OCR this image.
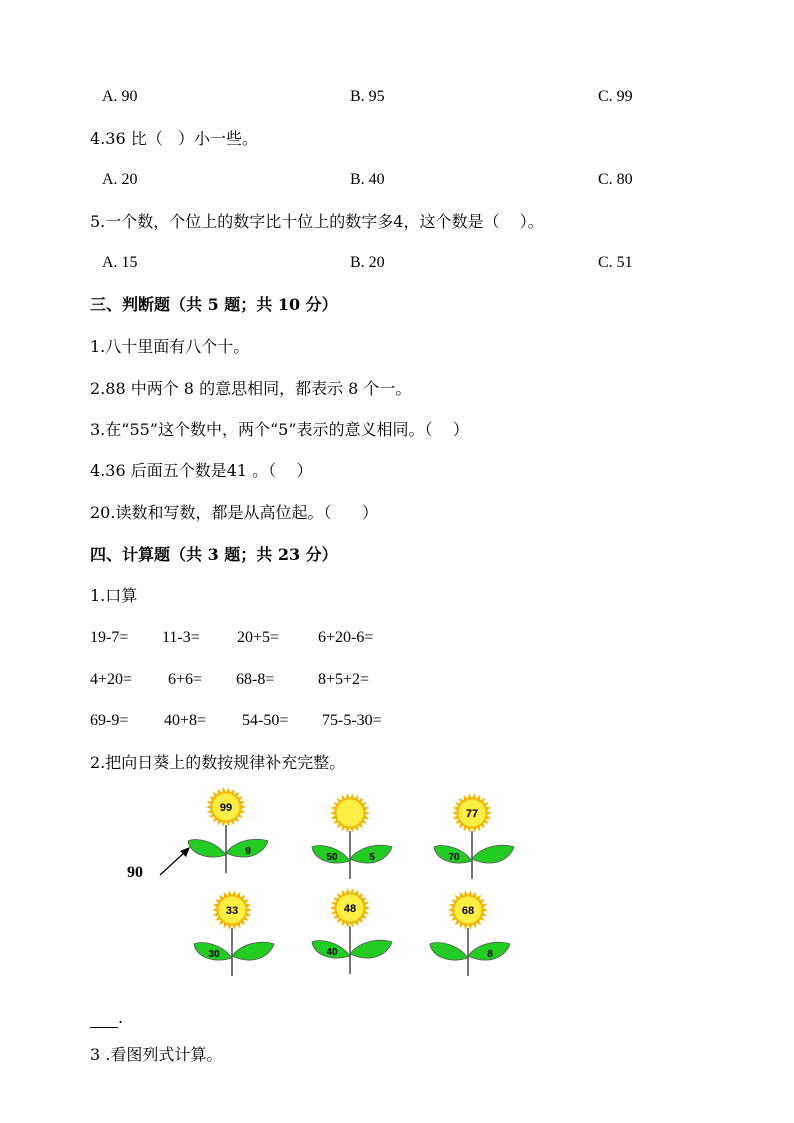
A. 90	B. 95	C. 99
4.36 比（   ）小一些。
A. 20	B. 40	C. 80
5.一个数，个位上的数字比十位上的数字多4，这个数是（    ）。
A. 15	B. 20	C. 51
三、判断题（共 5 题；共 10 分）
1.八十里面有八个十。
2.88 中两个 8 的意思相同，都表示 8 个一。
3.在“55”这个数中，两个“5”表示的意义相同。（    ）
4.36 后面五个数是41 。（    ）
20.读数和写数，都是从高位起。（      ）
四、计算题（共 3 题；共 23 分）
1.口算
19-7= 11-3= 20+5= 6+20-6=
4+20= 6+6= 68-8=	8+5+2=
69-9= 40+8= 54-50= 75-5-30=
2.把向日葵上的数按规律补充完整。
99
9
50	5
77
70
33
30
48
40
68
8
90
.
3 .看图列式计算。
